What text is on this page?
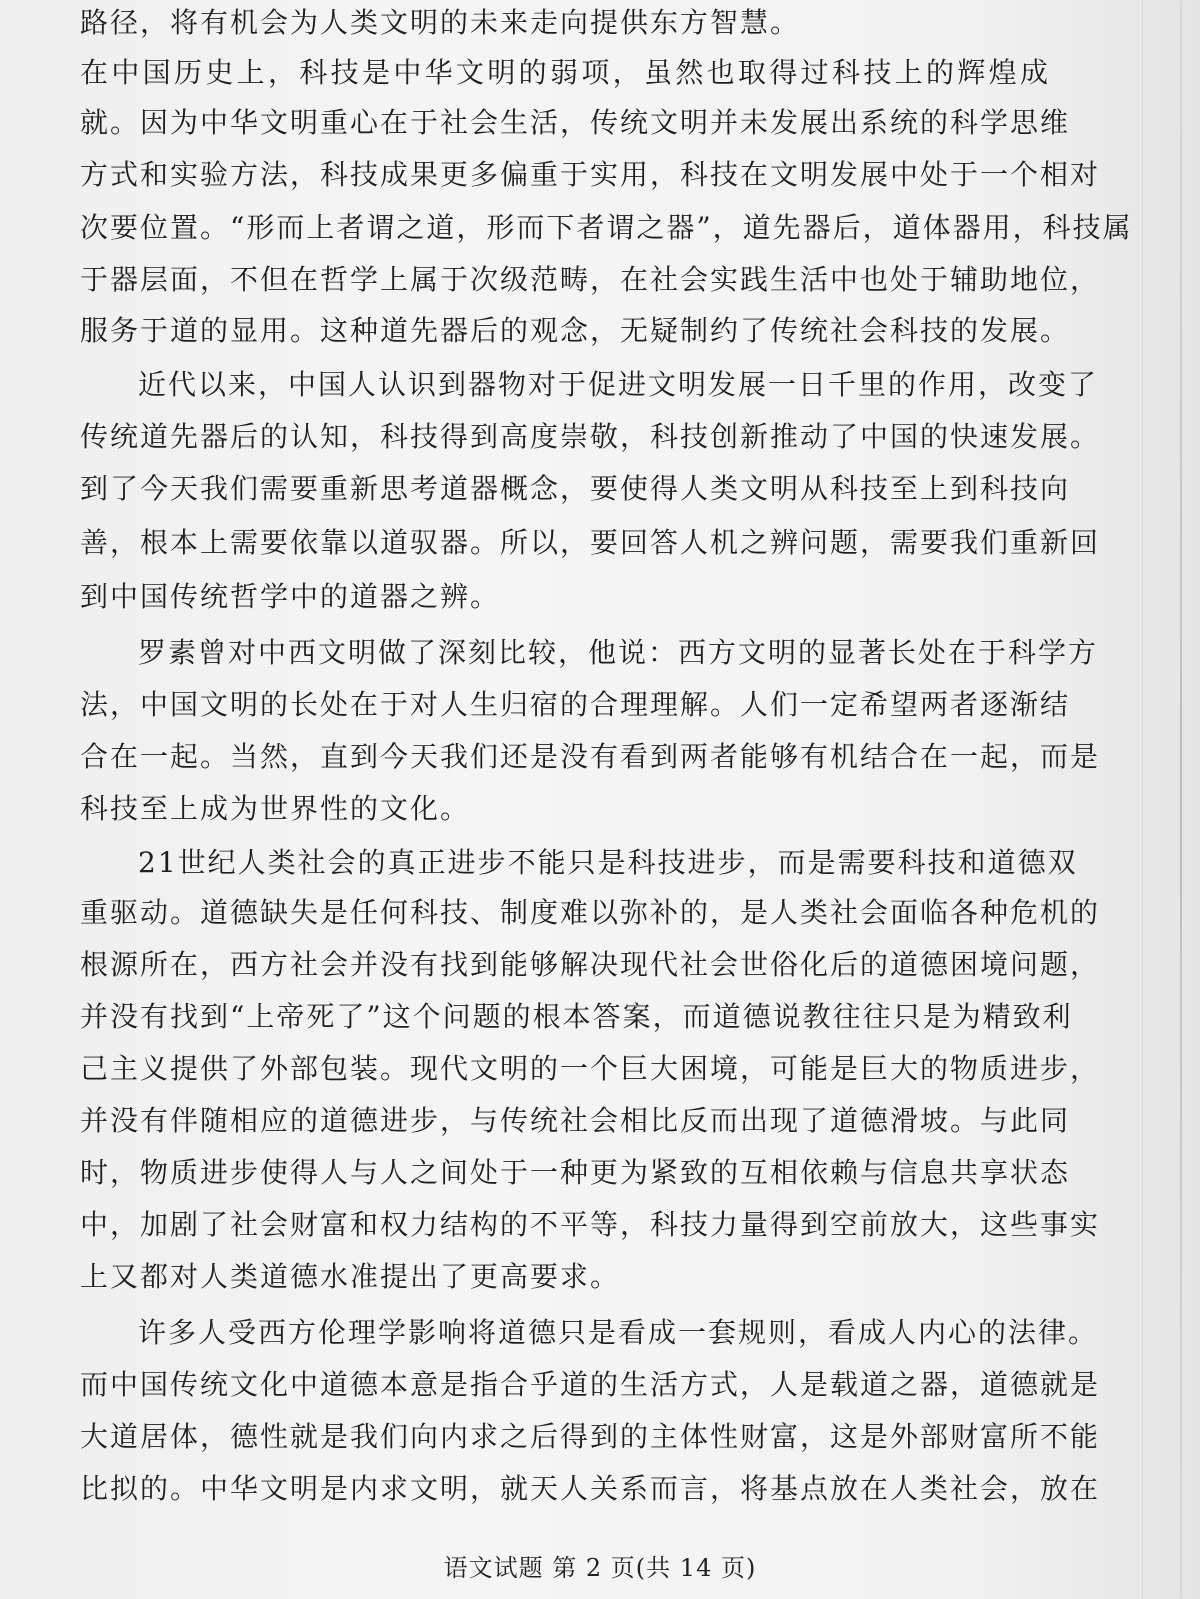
路径，将有机会为人类文明的未来走向提供东方智慧。
在中国历史上，科技是中华文明的弱项，虽然也取得过科技上的辉煌成
就。因为中华文明重心在于社会生活，传统文明并未发展出系统的科学思维
方式和实验方法，科技成果更多偏重于实用，科技在文明发展中处于一个相对
次要位置。“形而上者谓之道，形而下者谓之器”，道先器后，道体器用，科技属
于器层面，不但在哲学上属于次级范畴，在社会实践生活中也处于辅助地位，
服务于道的显用。这种道先器后的观念，无疑制约了传统社会科技的发展。
近代以来，中国人认识到器物对于促进文明发展一日千里的作用，改变了
传统道先器后的认知，科技得到高度崇敬，科技创新推动了中国的快速发展。
到了今天我们需要重新思考道器概念，要使得人类文明从科技至上到科技向
善，根本上需要依靠以道驭器。所以，要回答人机之辨问题，需要我们重新回
到中国传统哲学中的道器之辨。
罗素曾对中西文明做了深刻比较，他说：西方文明的显著长处在于科学方
法，中国文明的长处在于对人生归宿的合理理解。人们一定希望两者逐渐结
合在一起。当然，直到今天我们还是没有看到两者能够有机结合在一起，而是
科技至上成为世界性的文化。
21世纪人类社会的真正进步不能只是科技进步，而是需要科技和道德双
重驱动。道德缺失是任何科技、制度难以弥补的，是人类社会面临各种危机的
根源所在，西方社会并没有找到能够解决现代社会世俗化后的道德困境问题，
并没有找到“上帝死了”这个问题的根本答案，而道德说教往往只是为精致利
己主义提供了外部包装。现代文明的一个巨大困境，可能是巨大的物质进步，
并没有伴随相应的道德进步，与传统社会相比反而出现了道德滑坡。与此同
时，物质进步使得人与人之间处于一种更为紧致的互相依赖与信息共享状态
中，加剧了社会财富和权力结构的不平等，科技力量得到空前放大，这些事实
上又都对人类道德水准提出了更高要求。
许多人受西方伦理学影响将道德只是看成一套规则，看成人内心的法律。
而中国传统文化中道德本意是指合乎道的生活方式，人是载道之器，道德就是
大道居体，德性就是我们向内求之后得到的主体性财富，这是外部财富所不能
比拟的。中华文明是内求文明，就天人关系而言，将基点放在人类社会，放在
语文试题 第 2 页(共 14 页)
